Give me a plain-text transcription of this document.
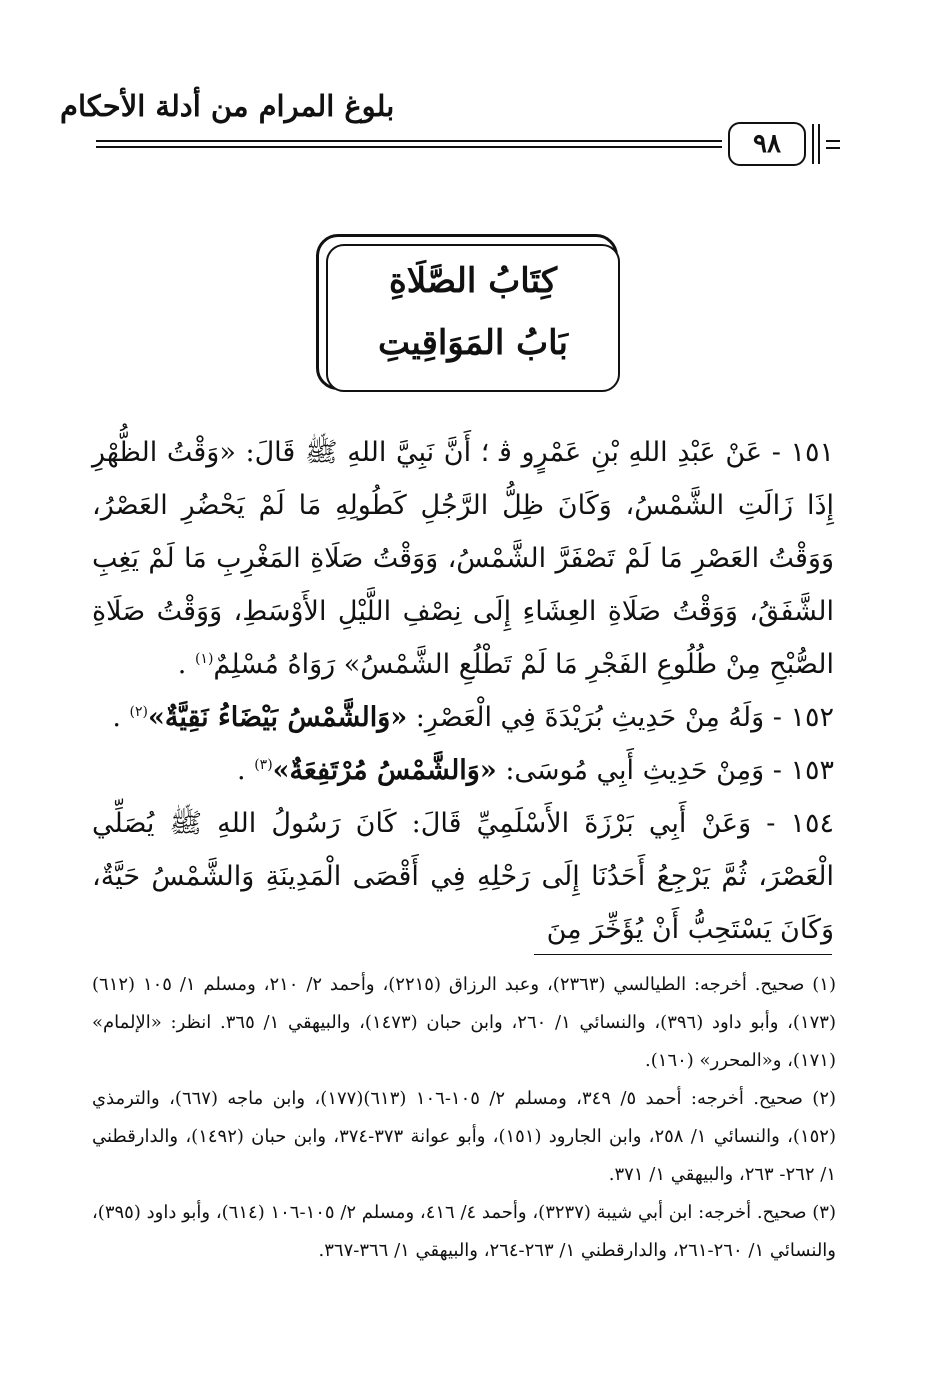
بلوغ المرام من أدلة الأحكام
٩٨
كِتَابُ الصَّلَاةِ
بَابُ المَوَاقِيتِ

١٥١ - عَنْ عَبْدِ اللهِ بْنِ عَمْرٍو ﭬ ؛ أَنَّ نَبِيَّ اللهِ ﷺ قَالَ: «وَقْتُ الظُّهْرِ إِذَا زَالَتِ الشَّمْسُ، وَكَانَ ظِلُّ الرَّجُلِ كَطُولِهِ مَا لَمْ يَحْضُرِ العَصْرُ، وَوَقْتُ العَصْرِ مَا لَمْ تَصْفَرَّ الشَّمْسُ، وَوَقْتُ صَلَاةِ المَغْرِبِ مَا لَمْ يَغِبِ الشَّفَقُ، وَوَقْتُ صَلَاةِ العِشَاءِ إِلَى نِصْفِ اللَّيْلِ الأَوْسَطِ، وَوَقْتُ صَلَاةِ الصُّبْحِ مِنْ طُلُوعِ الفَجْرِ مَا لَمْ تَطْلُعِ الشَّمْسُ» رَوَاهُ مُسْلِمٌ$^{(١)}$ .

١٥٢ - وَلَهُ مِنْ حَدِيثِ بُرَيْدَةَ فِي الْعَصْرِ: «وَالشَّمْسُ بَيْضَاءُ نَقِيَّةٌ»$^{(٢)}$ .

١٥٣ - وَمِنْ حَدِيثِ أَبِي مُوسَى: «وَالشَّمْسُ مُرْتَفِعَةٌ»$^{(٣)}$ .

١٥٤ - وَعَنْ أَبِي بَرْزَةَ الأَسْلَمِيِّ قَالَ: كَانَ رَسُولُ اللهِ ﷺ يُصَلِّي الْعَصْرَ، ثُمَّ يَرْجِعُ أَحَدُنَا إِلَى رَحْلِهِ فِي أَقْصَى الْمَدِينَةِ وَالشَّمْسُ حَيَّةٌ، وَكَانَ يَسْتَحِبُّ أَنْ يُؤَخِّرَ مِنَ

(١) صحيح. أخرجه: الطيالسي (٢٣٦٣)، وعبد الرزاق (٢٢١٥)، وأحمد ٢/ ٢١٠، ومسلم ١/ ١٠٥ (٦١٢)(١٧٣)، وأبو داود (٣٩٦)، والنسائي ١/ ٢٦٠، وابن حبان (١٤٧٣)، والبيهقي ١/ ٣٦٥. انظر: «الإلمام» (١٧١)، و«المحرر» (١٦٠).

(٢) صحيح. أخرجه: أحمد ٥/ ٣٤٩، ومسلم ٢/ ١٠٥-١٠٦ (٦١٣)(١٧٧)، وابن ماجه (٦٦٧)، والترمذي (١٥٢)، والنسائي ١/ ٢٥٨، وابن الجارود (١٥١)، وأبو عوانة ٣٧٣-٣٧٤، وابن حبان (١٤٩٢)، والدارقطني ١/ ٢٦٢- ٢٦٣، والبيهقي ١/ ٣٧١.

(٣) صحيح. أخرجه: ابن أبي شيبة (٣٢٣٧)، وأحمد ٤/ ٤١٦، ومسلم ٢/ ١٠٥-١٠٦ (٦١٤)، وأبو داود (٣٩٥)، والنسائي ١/ ٢٦٠-٢٦١، والدارقطني ١/ ٢٦٣-٢٦٤، والبيهقي ١/ ٣٦٦-٣٦٧.
